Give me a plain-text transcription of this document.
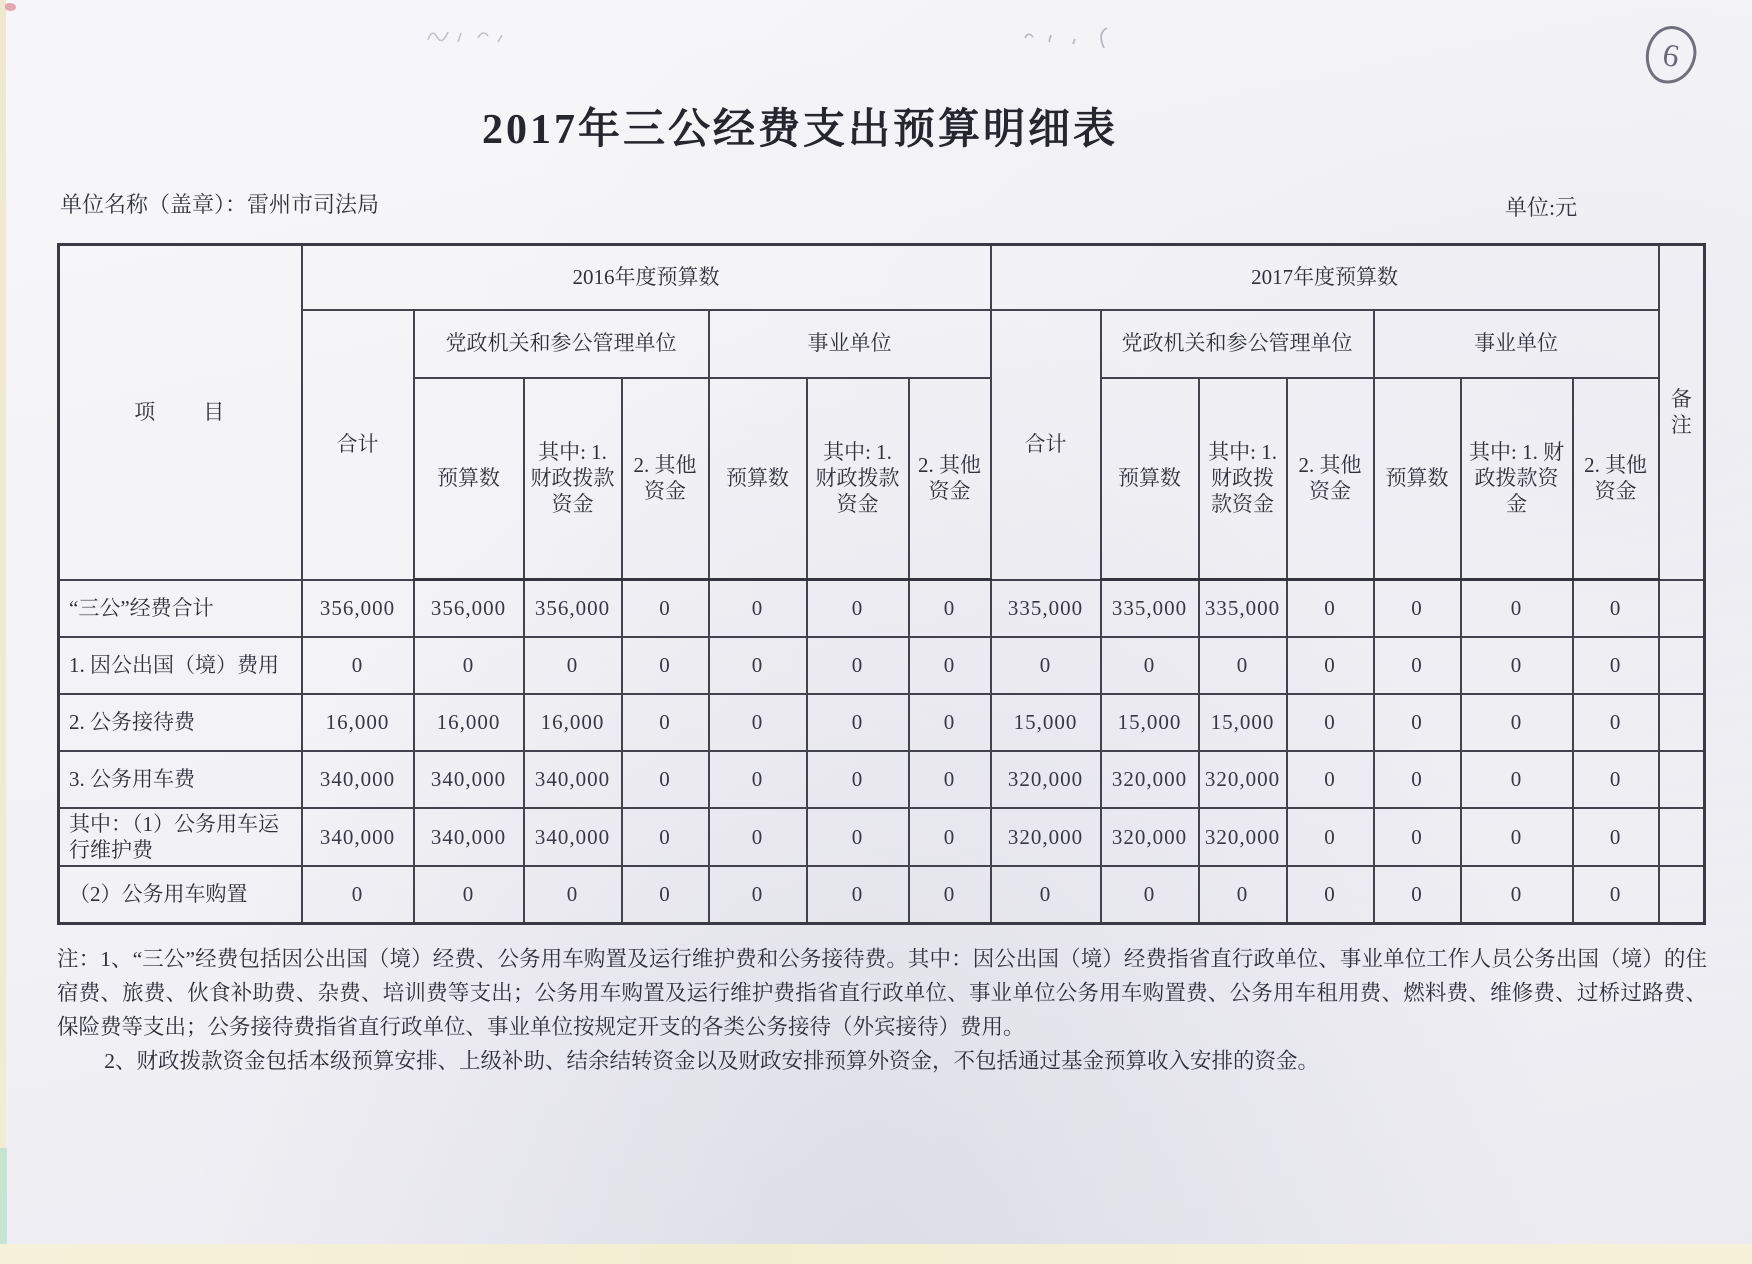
6
2017年三公经费支出预算明细表
单位名称（盖章）：雷州市司法局	单位:元
项　　目	2016年度预算数							2017年度预算数							备注
	合计	党政机关和参公管理单位			事业单位			合计	党政机关和参公管理单位			事业单位			
		预算数	其中: 1. 财政拨款资金	2. 其他资金	预算数	其中: 1. 财政拨款资金	2. 其他资金		预算数	其中: 1. 财政拨款资金	2. 其他资金	预算数	其中: 1. 财政拨款资金	2. 其他资金	
“三公”经费合计	356,000	356,000	356,000	0	0	0	0	335,000	335,000	335,000	0	0	0	0	
1. 因公出国（境）费用	0	0	0	0	0	0	0	0	0	0	0	0	0	0	
2. 公务接待费	16,000	16,000	16,000	0	0	0	0	15,000	15,000	15,000	0	0	0	0	
3. 公务用车费	340,000	340,000	340,000	0	0	0	0	320,000	320,000	320,000	0	0	0	0	
其中：（1）公务用车运行维护费	340,000	340,000	340,000	0	0	0	0	320,000	320,000	320,000	0	0	0	0	
（2）公务用车购置	0	0	0	0	0	0	0	0	0	0	0	0	0	0	

注：1、“三公”经费包括因公出国（境）经费、公务用车购置及运行维护费和公务接待费。其中：因公出国（境）经费指省直行政单位、事业单位工作人员公务出国（境）的住宿费、旅费、伙食补助费、杂费、培训费等支出；公务用车购置及运行维护费指省直行政单位、事业单位公务用车购置费、公务用车租用费、燃料费、维修费、过桥过路费、保险费等支出；公务接待费指省直行政单位、事业单位按规定开支的各类公务接待（外宾接待）费用。

2、财政拨款资金包括本级预算安排、上级补助、结余结转资金以及财政安排预算外资金，不包括通过基金预算收入安排的资金。
